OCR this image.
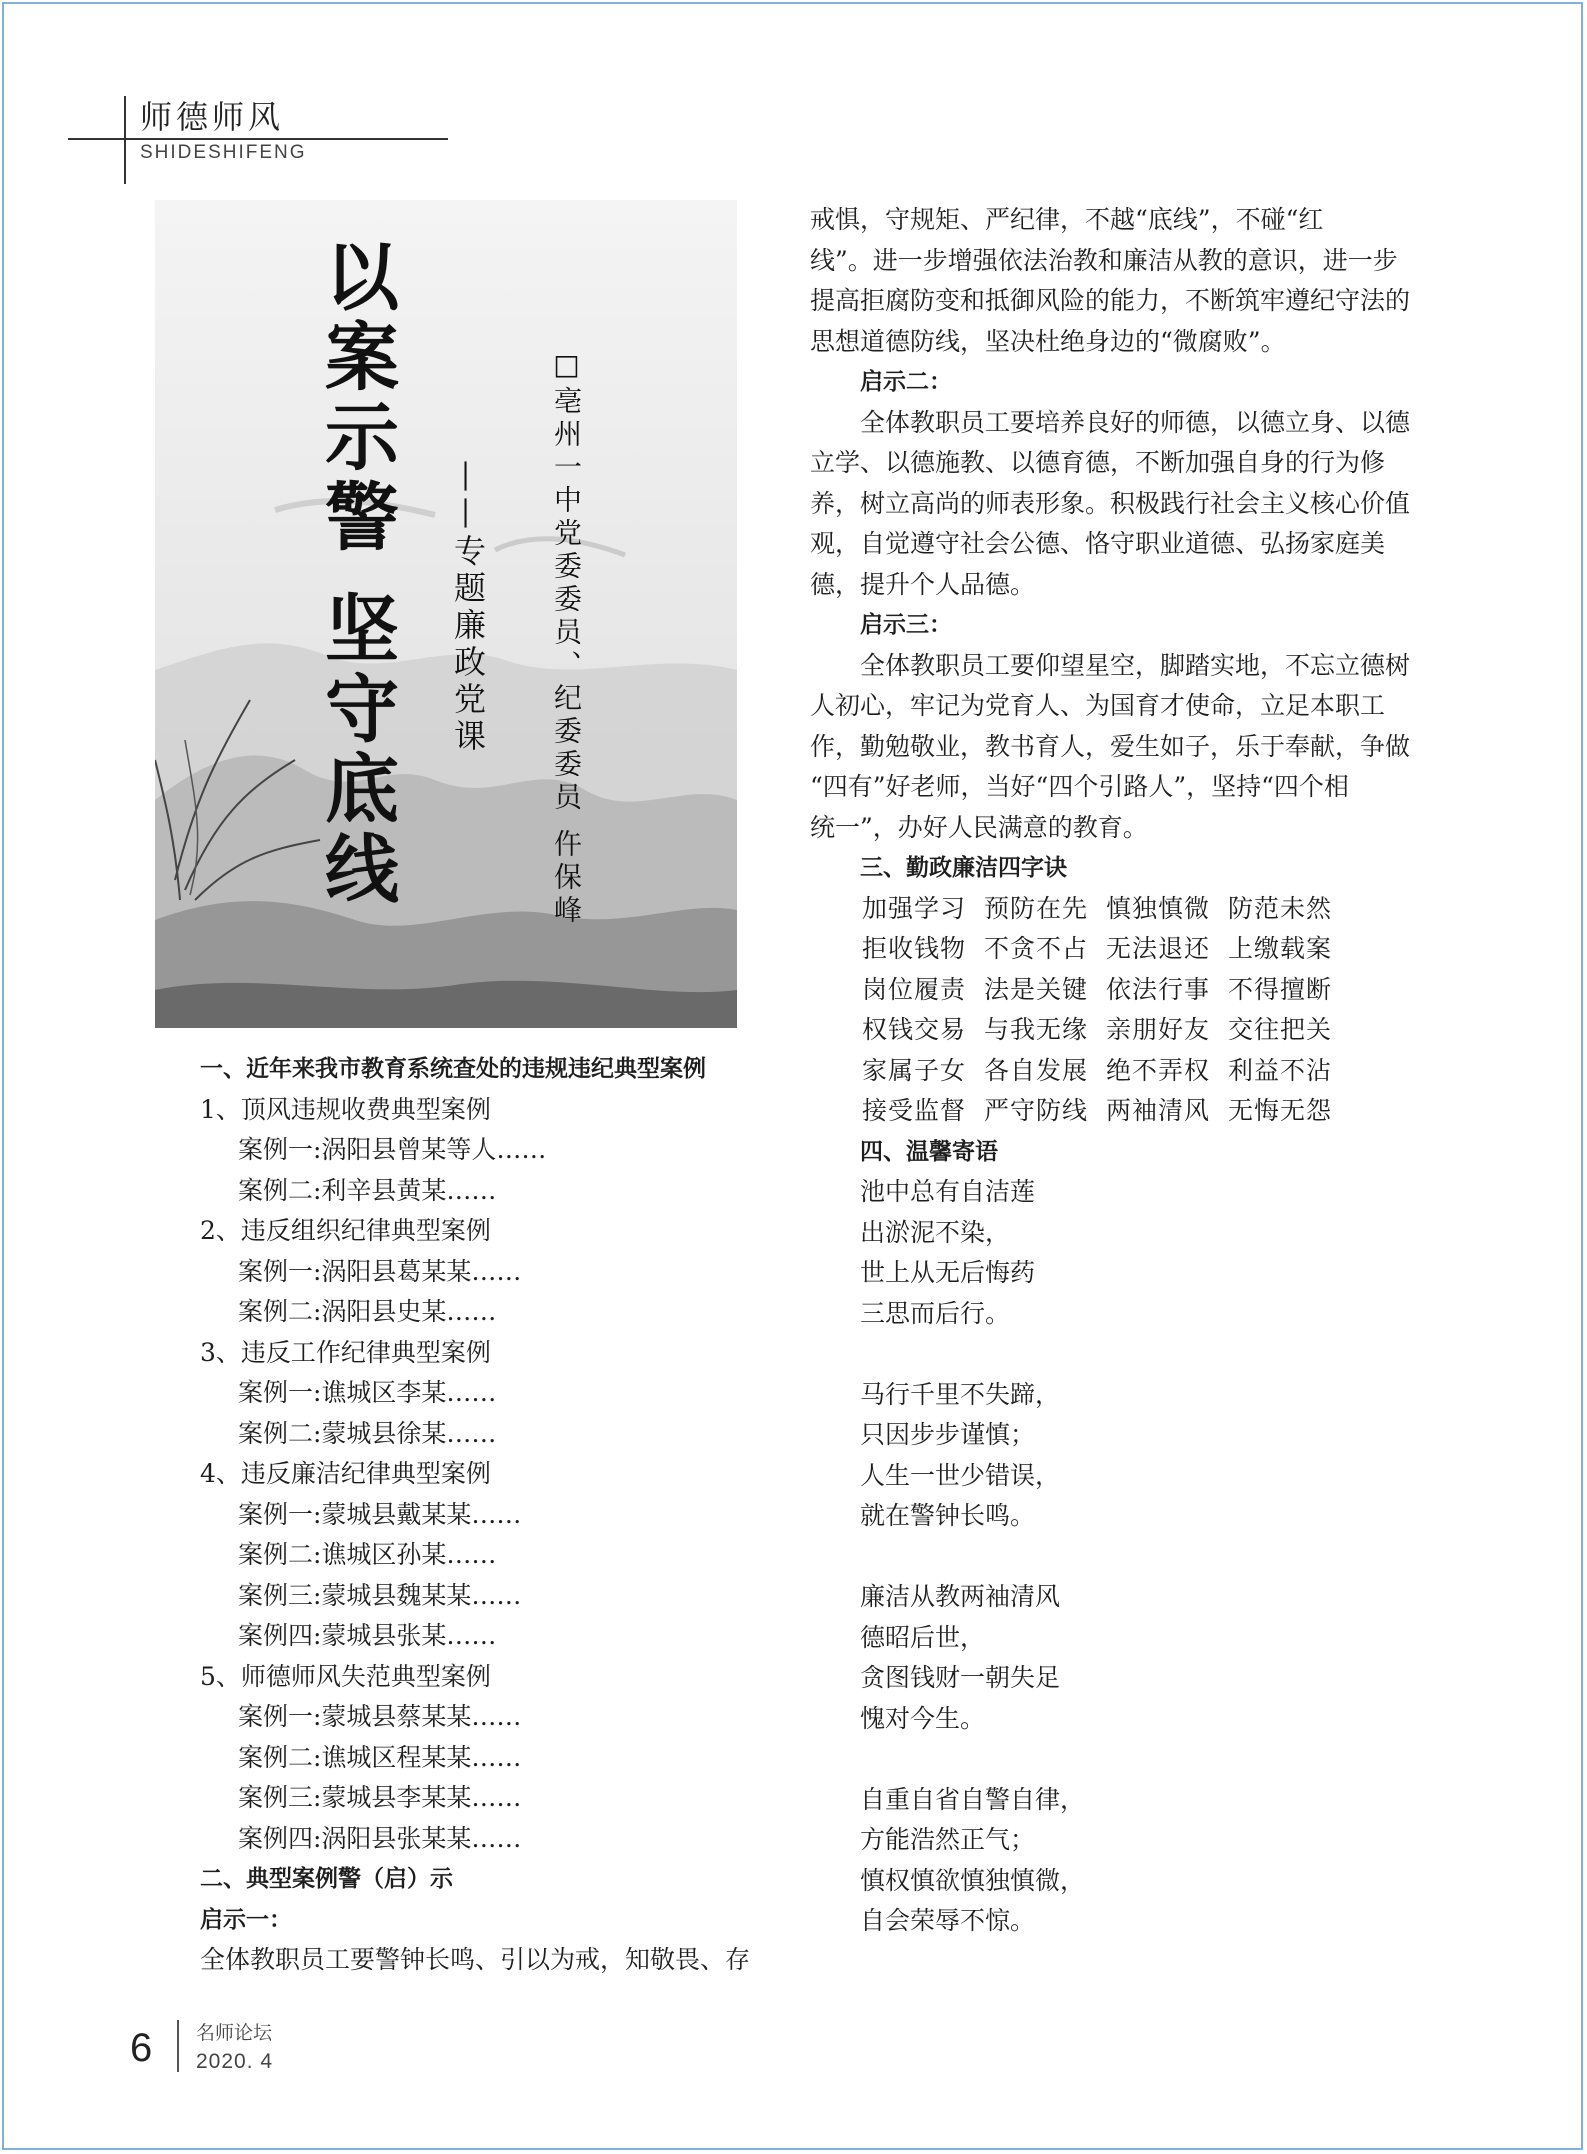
师德师风
SHIDESHIFENG
以案示警 坚守底线	□亳州一中党委委员、纪委委员 仵保峰
——专题廉政党课

一、近年来我市教育系统查处的违规违纪典型案例

1、顶风违规收费典型案例

案例一:涡阳县曾某等人……

案例二:利辛县黄某……

2、违反组织纪律典型案例

案例一:涡阳县葛某某……

案例二:涡阳县史某……

3、违反工作纪律典型案例

案例一:谯城区李某……

案例二:蒙城县徐某……

4、违反廉洁纪律典型案例

案例一:蒙城县戴某某……

案例二:谯城区孙某……

案例三:蒙城县魏某某……

案例四:蒙城县张某……

5、师德师风失范典型案例

案例一:蒙城县蔡某某……

案例二:谯城区程某某……

案例三:蒙城县李某某……

案例四:涡阳县张某某……

二、典型案例警（启）示

启示一：

全体教职员工要警钟长鸣、引以为戒，知敬畏、存

戒惧，守规矩、严纪律，不越“底线”，不碰“红

线”。进一步增强依法治教和廉洁从教的意识，进一步

提高拒腐防变和抵御风险的能力，不断筑牢遵纪守法的

思想道德防线，坚决杜绝身边的“微腐败”。

启示二：

全体教职员工要培养良好的师德，以德立身、以德

立学、以德施教、以德育德，不断加强自身的行为修

养，树立高尚的师表形象。积极践行社会主义核心价值

观，自觉遵守社会公德、恪守职业道德、弘扬家庭美

德，提升个人品德。

启示三：

全体教职员工要仰望星空，脚踏实地，不忘立德树

人初心，牢记为党育人、为国育才使命，立足本职工

作，勤勉敬业，教书育人，爱生如子，乐于奉献，争做

“四有”好老师，当好“四个引路人”，坚持“四个相

统一”，办好人民满意的教育。

三、勤政廉洁四字诀

加强学习 预防在先 慎独慎微 防范未然
拒收钱物 不贪不占 无法退还 上缴载案
岗位履责 法是关键 依法行事 不得擅断
权钱交易 与我无缘 亲朋好友 交往把关
家属子女 各自发展 绝不弄权 利益不沾
接受监督 严守防线 两袖清风 无悔无怨

四、温馨寄语

池中总有自洁莲

出淤泥不染，

世上从无后悔药

三思而后行。

马行千里不失蹄，

只因步步谨慎；

人生一世少错误，

就在警钟长鸣。

廉洁从教两袖清风

德昭后世，

贪图钱财一朝失足

愧对今生。

自重自省自警自律，

方能浩然正气；

慎权慎欲慎独慎微，

自会荣辱不惊。

6 名师论坛
2020. 4
